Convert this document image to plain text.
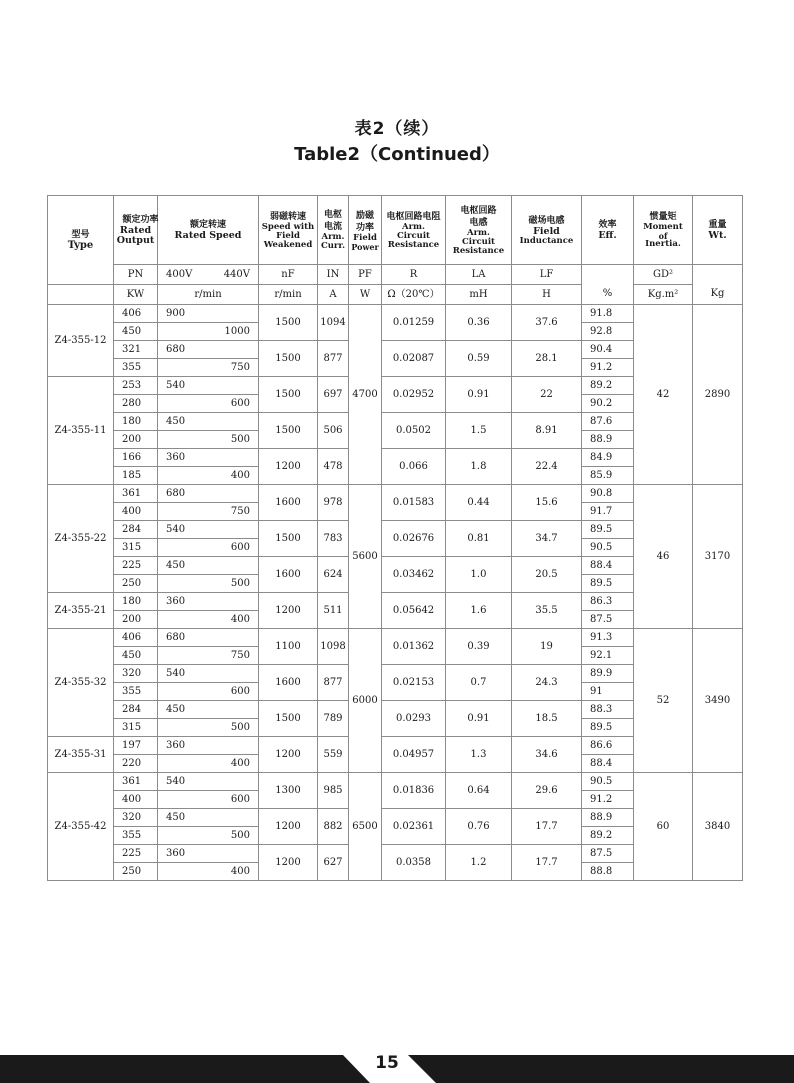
表2（续）
Table2（Continued）
型号
Type	额定功率
Rated
Output	额定转速
Rated Speed	弱磁转速
Speed with
Field
Weakened	电枢
电流
Arm.
Curr.	励磁
功率
Field
Power	电枢回路电阻
Arm.
Circuit
Resistance	电枢回路
电感
Arm.
Circuit
Resistance	磁场电感
Field
Inductance	效率
Eff.	惯量矩
Moment
of
Inertia.	重量
Wt.

	PN	400V 440V	nF	IN	PF	R	LA	LF		GD²	
	KW	r/min	r/min	A	W	Ω（20℃）	mH	H	%	Kg.m²	Kg
Z4-355-12	406	900	1500	1094	4700	0.01259	0.36	37.6	91.8	42	2890
	450	1000							92.8		
	321	680	1500	877		0.02087	0.59	28.1	90.4		
	355	750							91.2		
Z4-355-11	253	540	1500	697		0.02952	0.91	22	89.2		
	280	600							90.2		
	180	450	1500	506		0.0502	1.5	8.91	87.6		
	200	500							88.9		
	166	360	1200	478		0.066	1.8	22.4	84.9		
	185	400							85.9		
Z4-355-22	361	680	1600	978	5600	0.01583	0.44	15.6	90.8	46	3170
	400	750							91.7		
	284	540	1500	783		0.02676	0.81	34.7	89.5		
	315	600							90.5		
	225	450	1600	624		0.03462	1.0	20.5	88.4		
	250	500							89.5		
Z4-355-21	180	360	1200	511		0.05642	1.6	35.5	86.3		
	200	400							87.5		
Z4-355-32	406	680	1100	1098	6000	0.01362	0.39	19	91.3	52	3490
	450	750							92.1		
	320	540	1600	877		0.02153	0.7	24.3	89.9		
	355	600							91		
	284	450	1500	789		0.0293	0.91	18.5	88.3		
	315	500							89.5		
Z4-355-31	197	360	1200	559		0.04957	1.3	34.6	86.6		
	220	400							88.4		
Z4-355-42	361	540	1300	985	6500	0.01836	0.64	29.6	90.5	60	3840
	400	600							91.2		
	320	450	1200	882		0.02361	0.76	17.7	88.9		
	355	500							89.2		
	225	360	1200	627		0.0358	1.2	17.7	87.5		
	250	400							88.8		
15
